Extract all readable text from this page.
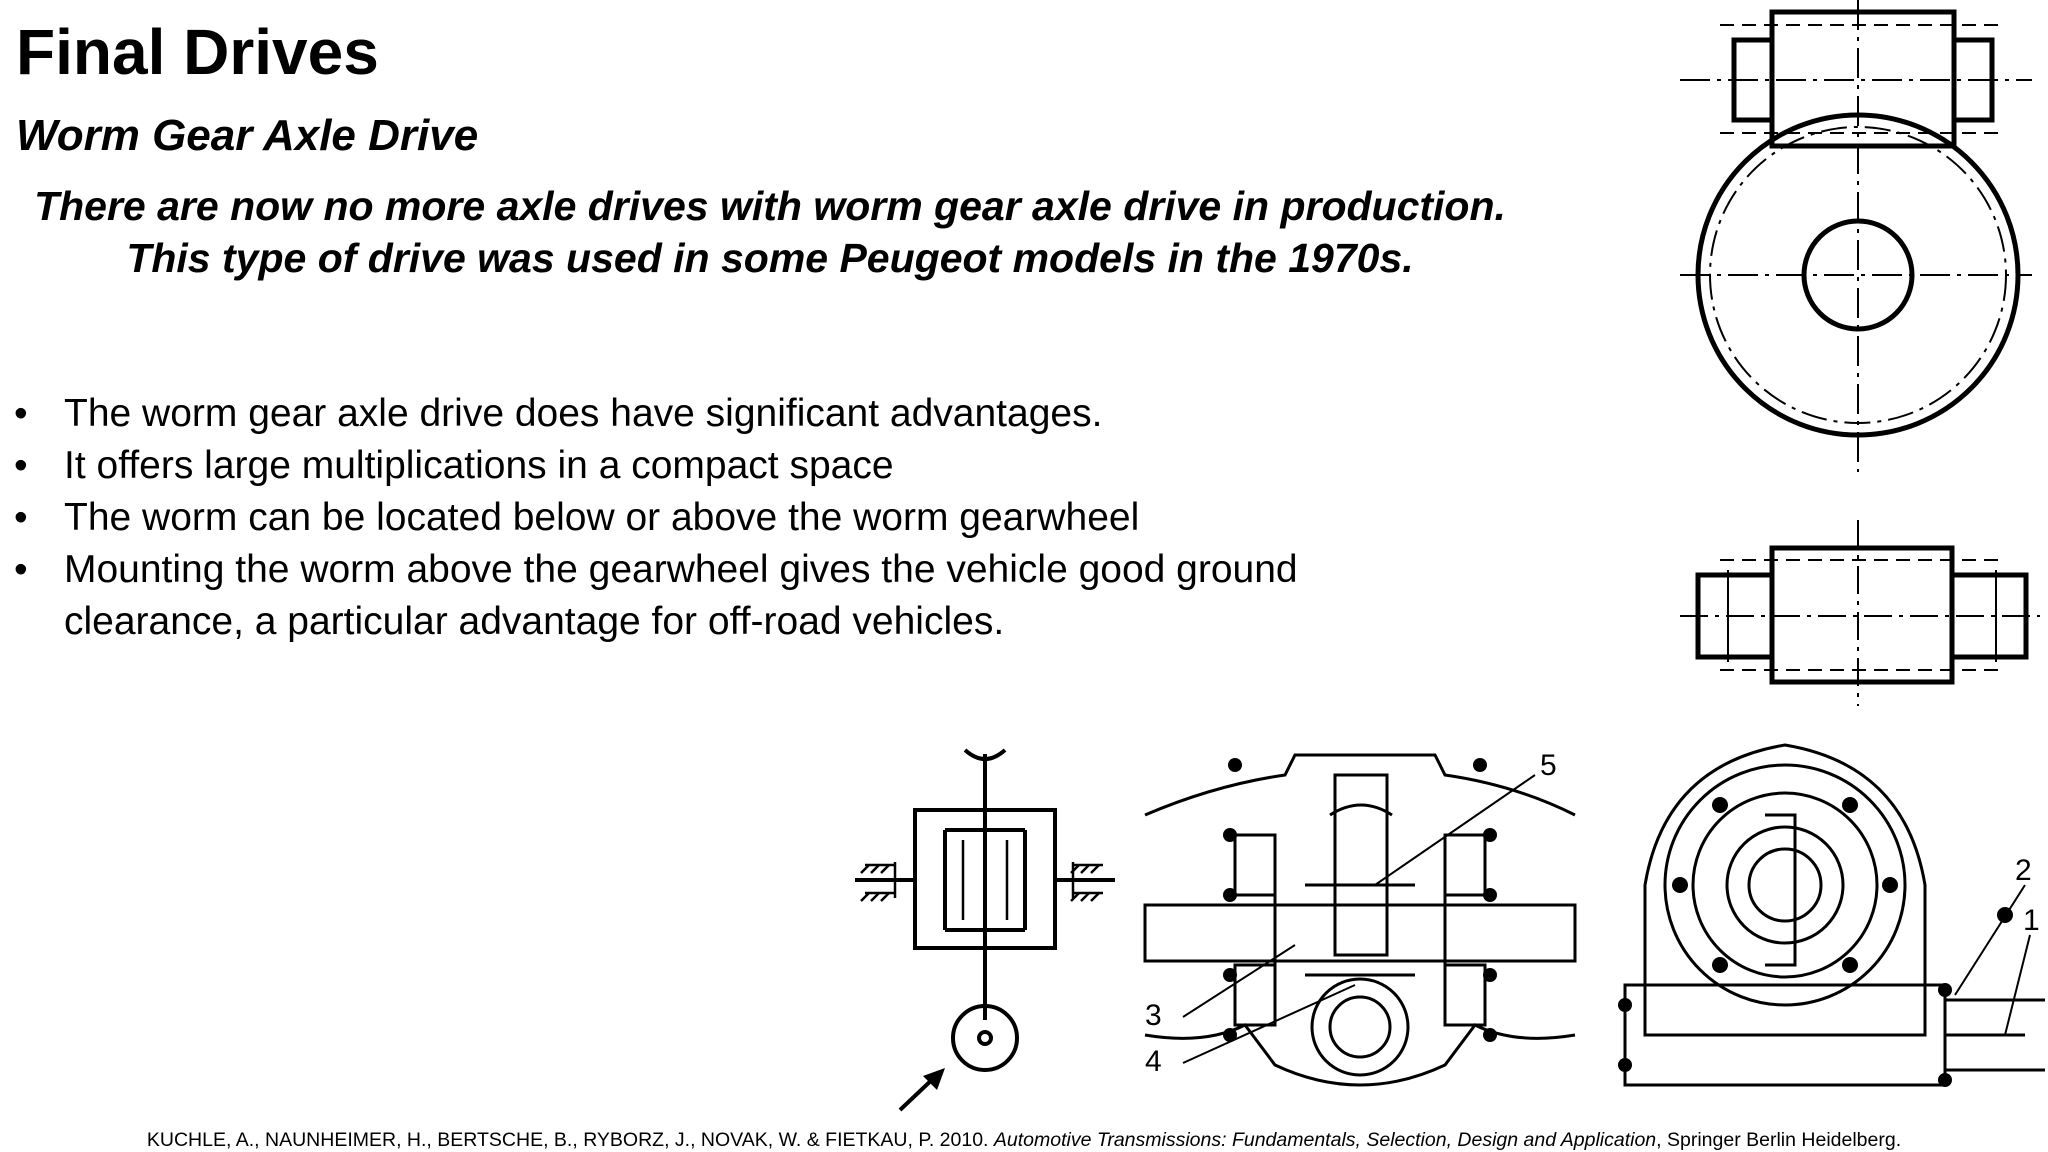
Final Drives
Worm Gear Axle Drive

There are now no more axle drives with worm gear axle drive in production. This type of drive was used in some Peugeot models in the 1970s.

• The worm gear axle drive does have significant advantages.
• It offers large multiplications in a compact space
• The worm can be located below or above the worm gearwheel
• Mounting the worm above the gearwheel gives the vehicle good ground clearance, a particular advantage for off-road vehicles.
5
3
4
2
1
KUCHLE, A., NAUNHEIMER, H., BERTSCHE, B., RYBORZ, J., NOVAK, W. & FIETKAU, P. 2010. Automotive Transmissions: Fundamentals, Selection, Design and Application, Springer Berlin Heidelberg.
